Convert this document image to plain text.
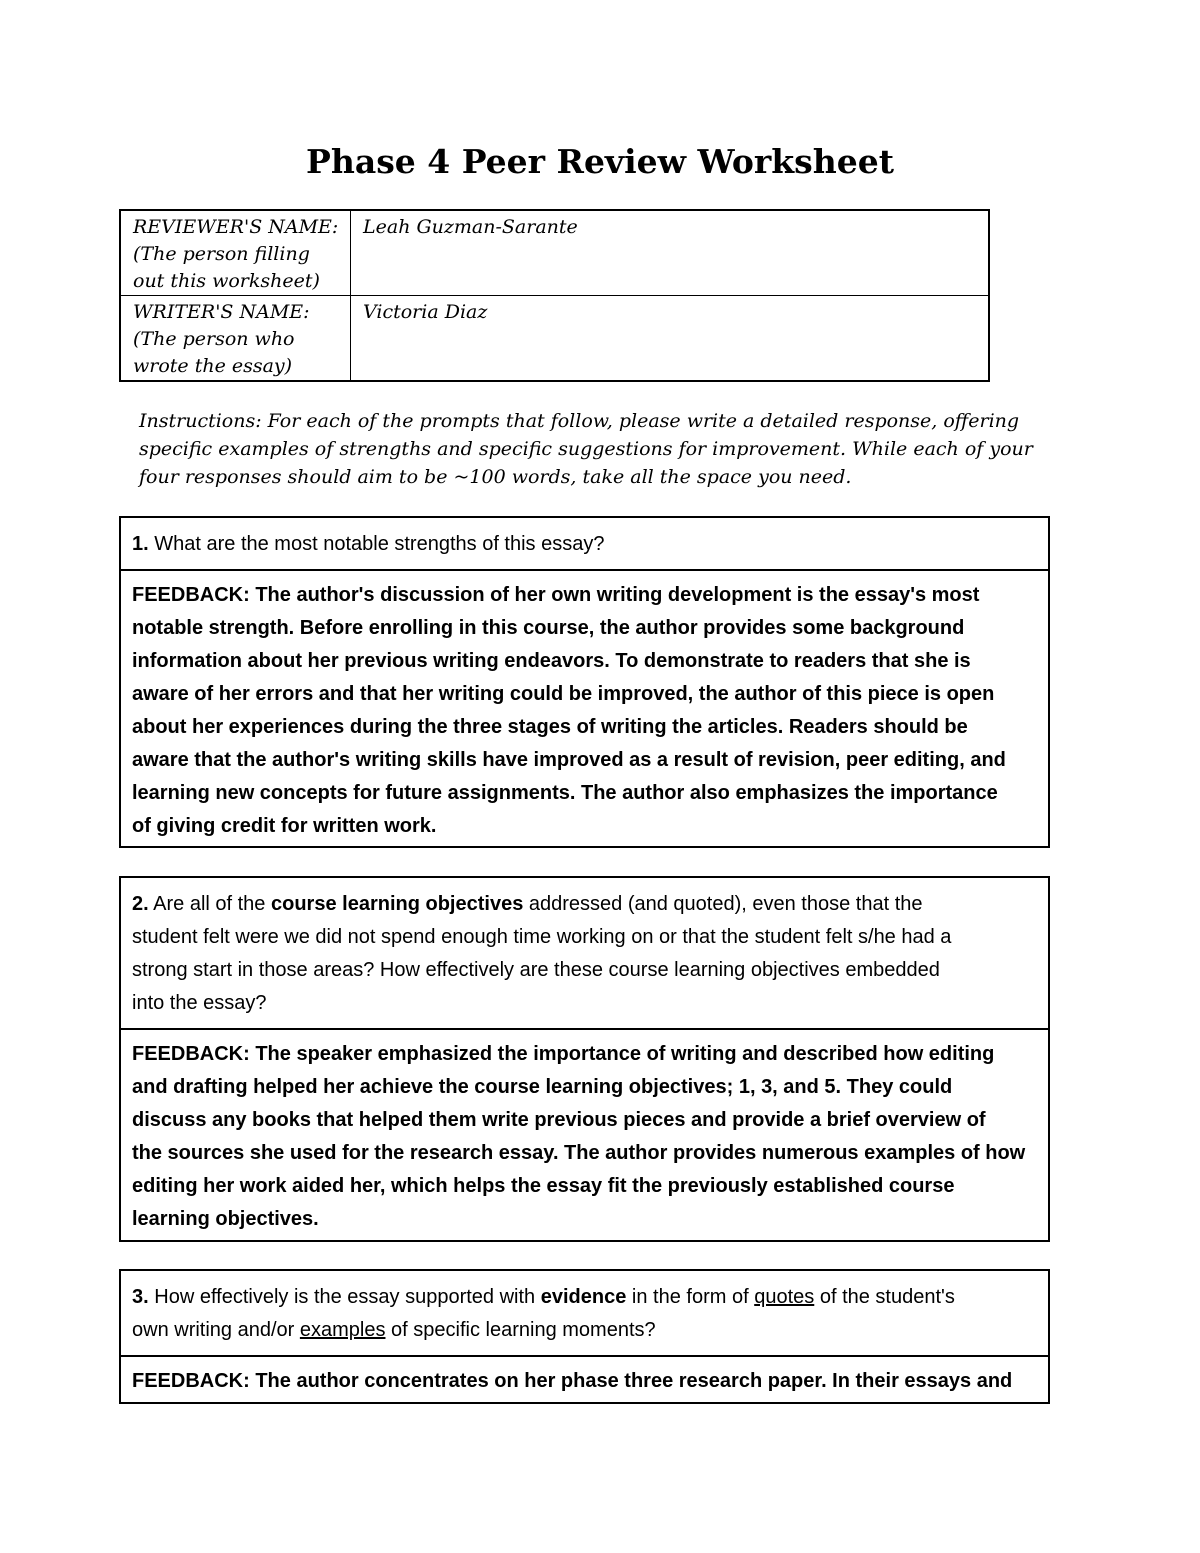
Phase 4 Peer Review Worksheet
REVIEWER'S NAME:
(The person filling
out this worksheet)	Leah Guzman-Sarante

WRITER'S NAME:
(The person who
wrote the essay)	Victoria Diaz
Instructions: For each of the prompts that follow, please write a detailed response, offering
specific examples of strengths and specific suggestions for improvement. While each of your
four responses should aim to be ~100 words, take all the space you need.
1. What are the most notable strengths of this essay?
FEEDBACK: The author's discussion of her own writing development is the essay's most
notable strength. Before enrolling in this course, the author provides some background
information about her previous writing endeavors. To demonstrate to readers that she is
aware of her errors and that her writing could be improved, the author of this piece is open
about her experiences during the three stages of writing the articles. Readers should be
aware that the author's writing skills have improved as a result of revision, peer editing, and
learning new concepts for future assignments. The author also emphasizes the importance
of giving credit for written work.
2. Are all of the course learning objectives addressed (and quoted), even those that the
student felt were we did not spend enough time working on or that the student felt s/he had a
strong start in those areas? How effectively are these course learning objectives embedded
into the essay?
FEEDBACK: The speaker emphasized the importance of writing and described how editing
and drafting helped her achieve the course learning objectives; 1, 3, and 5. They could
discuss any books that helped them write previous pieces and provide a brief overview of
the sources she used for the research essay. The author provides numerous examples of how
editing her work aided her, which helps the essay fit the previously established course
learning objectives.
3. How effectively is the essay supported with evidence in the form of quotes of the student's
own writing and/or examples of specific learning moments?
FEEDBACK: The author concentrates on her phase three research paper. In their essays and
